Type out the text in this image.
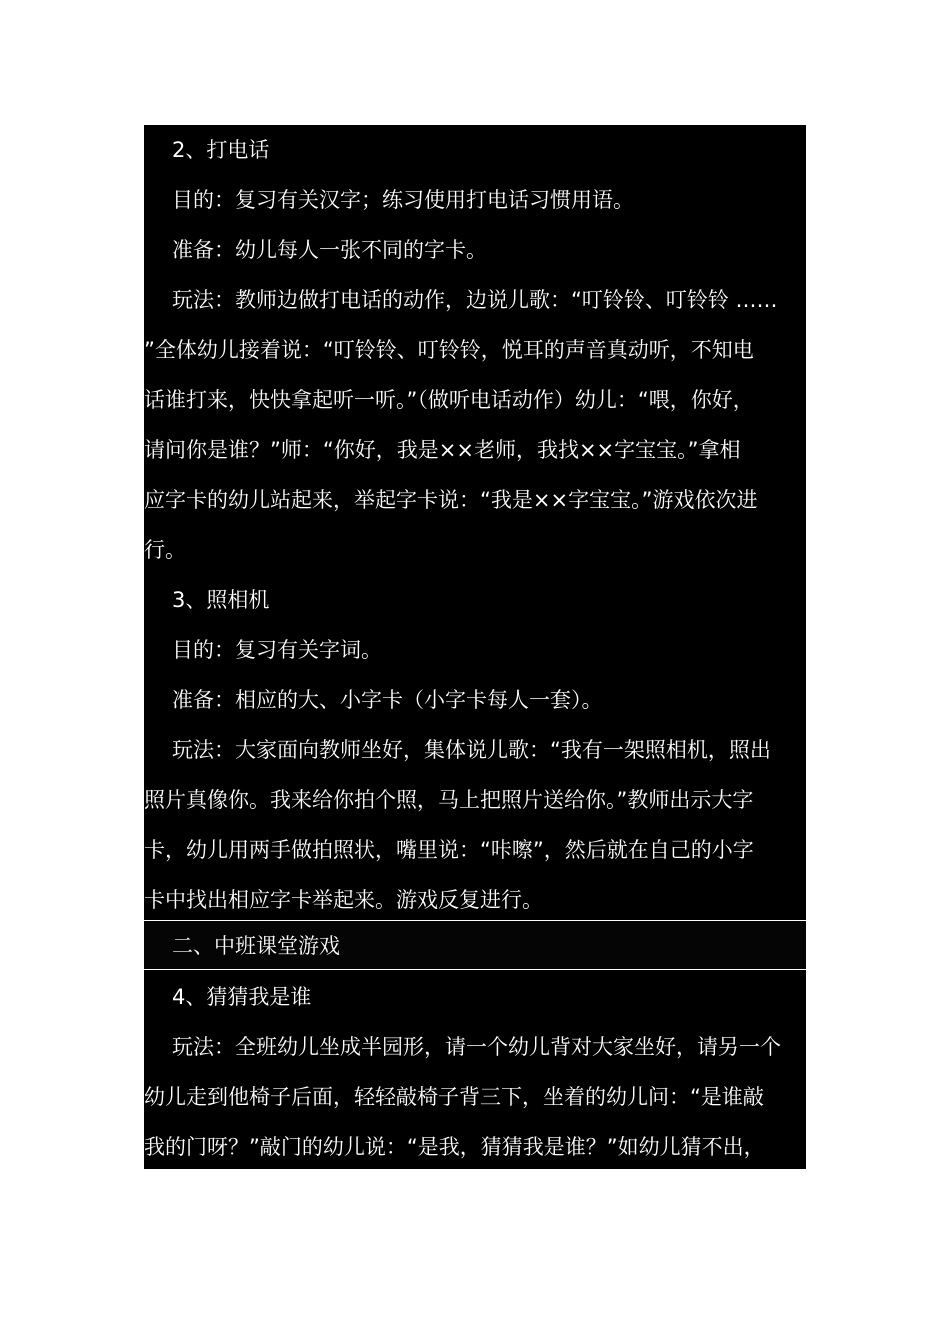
2、打电话
目的：复习有关汉字；练习使用打电话习惯用语。
准备：幼儿每人一张不同的字卡。
玩法：教师边做打电话的动作，边说儿歌：“叮铃铃、叮铃铃 ……
”全体幼儿接着说：“叮铃铃、叮铃铃，悦耳的声音真动听，不知电
话谁打来，快快拿起听一听。”（做听电话动作）幼儿：“喂，你好，
请问你是谁？”师：“你好，我是××老师，我找××字宝宝。”拿相
应字卡的幼儿站起来，举起字卡说：“我是××字宝宝。”游戏依次进
行。
3、照相机
目的：复习有关字词。
准备：相应的大、小字卡（小字卡每人一套）。
玩法：大家面向教师坐好，集体说儿歌：“我有一架照相机，照出
照片真像你。我来给你拍个照，马上把照片送给你。”教师出示大字
卡，幼儿用两手做拍照状，嘴里说：“咔嚓”，然后就在自己的小字
卡中找出相应字卡举起来。游戏反复进行。
二、中班课堂游戏
4、猜猜我是谁
玩法：全班幼儿坐成半园形，请一个幼儿背对大家坐好，请另一个
幼儿走到他椅子后面，轻轻敲椅子背三下，坐着的幼儿问：“是谁敲
我的门呀？”敲门的幼儿说：“是我，猜猜我是谁？”如幼儿猜不出，
